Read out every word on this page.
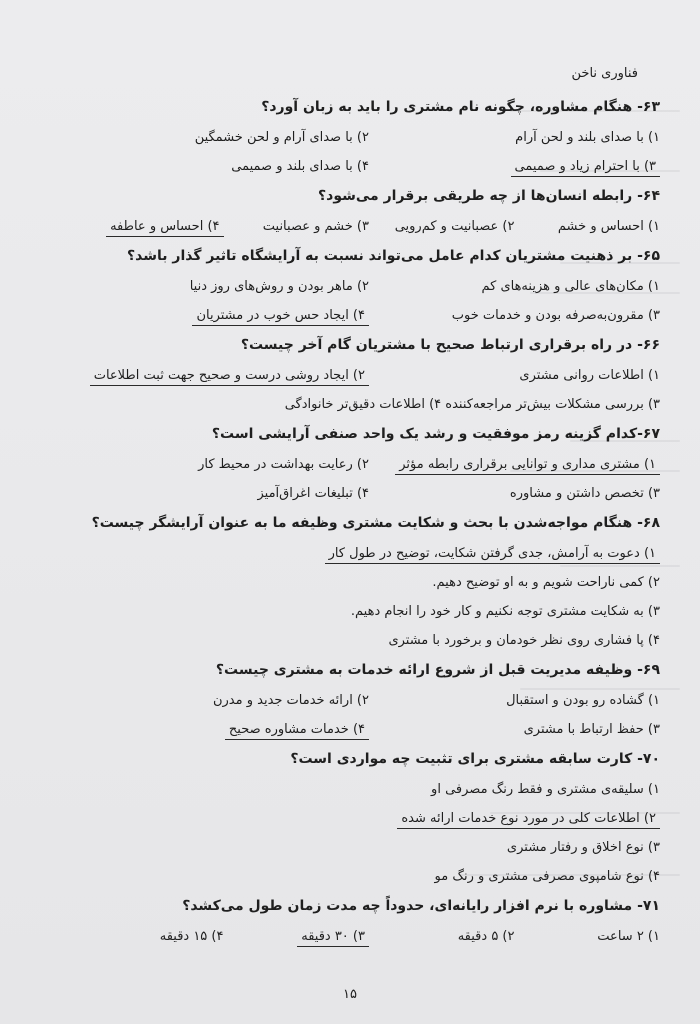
فناوری ناخن
۶۳- هنگام مشاوره، چگونه نام مشتری را باید به زبان آورد؟
۱) با صدای بلند و لحن آرام
۲) با صدای آرام و لحن خشمگین
۳) با احترام زیاد و صمیمی
۴) با صدای بلند و صمیمی
۶۴- رابطه انسان‌ها از چه طریقی برقرار می‌شود؟
۱) احساس و خشم
۲) عصبانیت و کم‌رویی
۳) خشم و عصبانیت
۴) احساس و عاطفه
۶۵- بر ذهنیت مشتریان کدام عامل می‌تواند نسبت به آرایشگاه تاثیر گذار باشد؟
۱) مکان‌های عالی و هزینه‌های کم
۲) ماهر بودن و روش‌های روز دنیا
۳) مقرون‌به‌صرفه بودن و خدمات خوب
۴) ایجاد حس خوب در مشتریان
۶۶- در راه برقراری ارتباط صحیح با مشتریان گام آخر چیست؟
۱) اطلاعات روانی مشتری
۲) ایجاد روشی درست و صحیح جهت ثبت اطلاعات
۳) بررسی مشکلات بیش‌تر مراجعه‌کننده ۴) اطلاعات دقیق‌تر خانوادگی
۶۷-کدام گزینه رمز موفقیت و رشد یک واحد صنفی آرایشی است؟
۱) مشتری مداری و توانایی برقراری رابطه مؤثر
۲) رعایت بهداشت در محیط کار
۳) تخصص داشتن و مشاوره
۴) تبلیغات اغراق‌آمیز
۶۸- هنگام مواجه‌شدن با بحث و شکایت مشتری وظیفه ما به عنوان آرایشگر چیست؟
۱) دعوت به آرامش، جدی گرفتن شکایت، توضیح در طول کار
۲) کمی ناراحت شویم و به او توضیح دهیم.
۳) به شکایت مشتری توجه نکنیم و کار خود را انجام دهیم.
۴) پا فشاری روی نظر خودمان و برخورد با مشتری
۶۹- وظیفه مدیریت قبل از شروع ارائه خدمات به مشتری چیست؟
۱) گشاده رو بودن و استقبال
۲) ارائه خدمات جدید و مدرن
۳) حفظ ارتباط با مشتری
۴) خدمات مشاوره صحیح
۷۰- کارت سابقه مشتری برای تثبیت چه مواردی است؟
۱) سلیقه‌ی مشتری و فقط رنگ مصرفی او
۲) اطلاعات کلی در مورد نوع خدمات ارائه شده
۳) نوع اخلاق و رفتار مشتری
۴) نوع شامپوی مصرفی مشتری و رنگ مو
۷۱- مشاوره با نرم افزار رایانه‌ای، حدوداً چه مدت زمان طول می‌کشد؟
۱) ۲ ساعت
۲) ۵ دقیقه
۳) ۳۰ دقیقه
۴) ۱۵ دقیقه
۱۵
